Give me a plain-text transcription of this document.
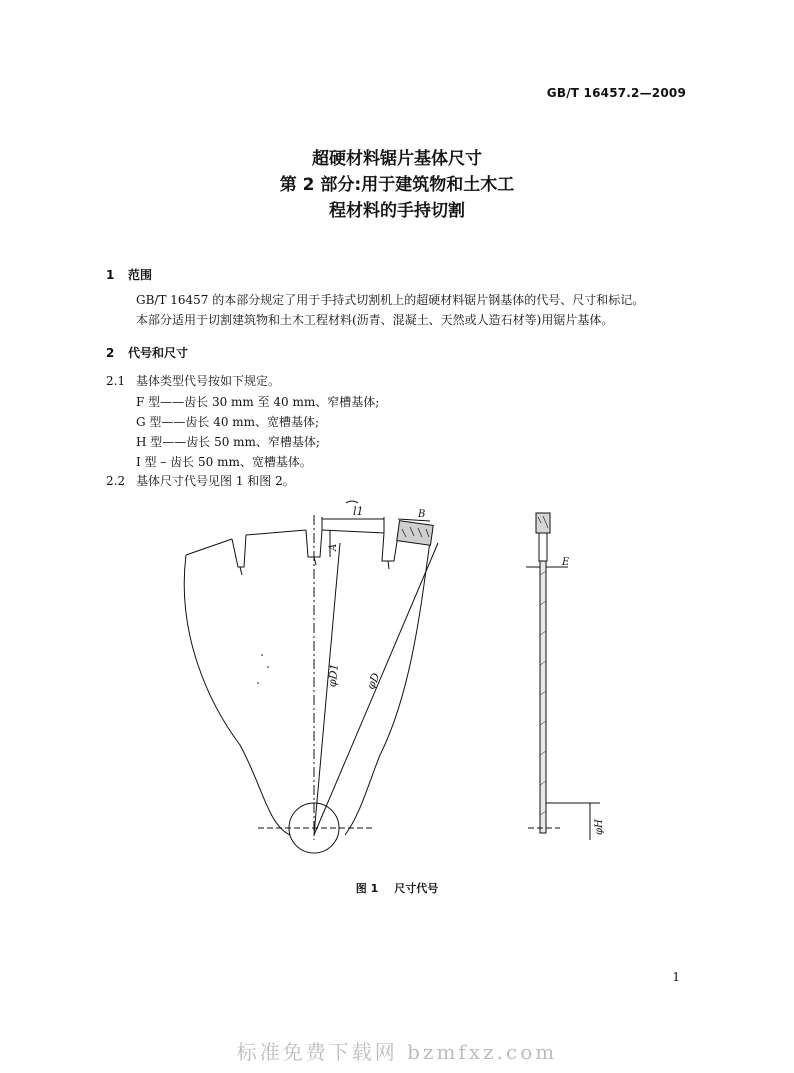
GB/T 16457.2—2009
超硬材料锯片基体尺寸
第 2 部分:用于建筑物和土木工
程材料的手持切割
1 范围
GB/T 16457 的本部分规定了用于手持式切割机上的超硬材料锯片钢基体的代号、尺寸和标记。
本部分适用于切割建筑物和土木工程材料(沥青、混凝土、天然或人造石材等)用锯片基体。
2 代号和尺寸
2.1 基体类型代号按如下规定。
F 型——齿长 30 mm 至 40 mm、窄槽基体;
G 型——齿长 40 mm、宽槽基体;
H 型——齿长 50 mm、窄槽基体;
I 型 – 齿长 50 mm、宽槽基体。
2.2 基体尺寸代号见图 1 和图 2。
l1	B
A
φD1 φD
E
φH
图 1 尺寸代号
1
标准免费下载网 bzmfxz.com
